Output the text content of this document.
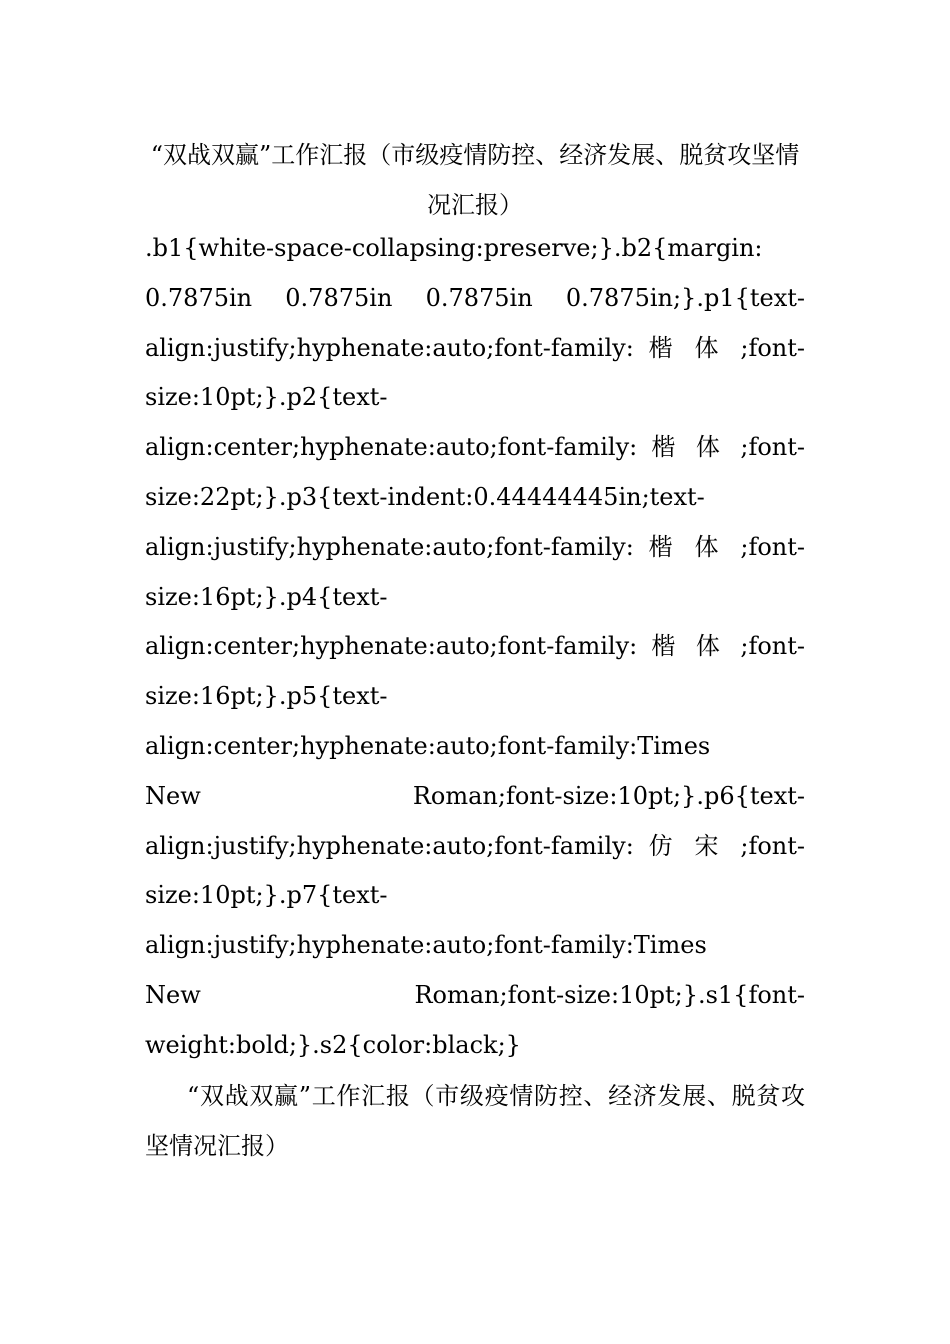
“双战双赢”工作汇报（市级疫情防控、经济发展、脱贫攻坚情况汇报）
.b1{white-space-collapsing:preserve;}.b2{margin:
0.7875in 0.7875in 0.7875in 0.7875in;}.p1{text-
align:justify;hyphenate:auto;font-family: 楷 体 ;font-
size:10pt;}.p2{text-
align:center;hyphenate:auto;font-family: 楷 体 ;font-
size:22pt;}.p3{text-indent:0.44444445in;text-
align:justify;hyphenate:auto;font-family: 楷 体 ;font-
size:16pt;}.p4{text-
align:center;hyphenate:auto;font-family: 楷 体 ;font-
size:16pt;}.p5{text-
align:center;hyphenate:auto;font-family:Times
New Roman;font-size:10pt;}.p6{text-
align:justify;hyphenate:auto;font-family: 仿 宋 ;font-
size:10pt;}.p7{text-
align:justify;hyphenate:auto;font-family:Times
New Roman;font-size:10pt;}.s1{font-
weight:bold;}.s2{color:black;}

“双战双赢”工作汇报（市级疫情防控、经济发展、脱贫攻坚情况汇报）
